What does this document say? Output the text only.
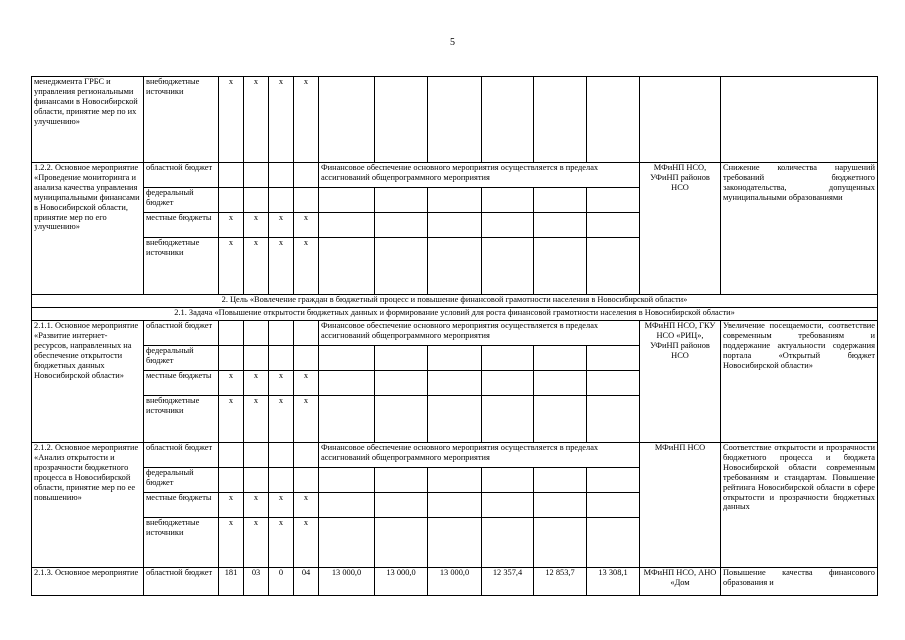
5
менеджмента ГРБС и управления региональными финансами в Новосибирской области, принятие мер по их улучшению»	внебюджетные источники	x	x	x	x								
1.2.2. Основное мероприятие «Проведение мониторинга и анализа качества управления муниципальными финансами в Новосибирской области, принятие мер по его улучшению»	областной бюджет					Финансовое обеспечение основного мероприятия осуществляется в пределах ассигнований общепрограммного мероприятия						МФиНП НСО, УФиНП районов НСО	Снижение количества нарушений требований бюджетного законодательства, допущенных муниципальными образованиями
	федеральный бюджет												
	местные бюджеты	x	x	x	x								
	внебюджетные источники	x	x	x	x								
2. Цель «Вовлечение граждан в бюджетный процесс и повышение финансовой грамотности населения в Новосибирской области»													
2.1. Задача «Повышение открытости бюджетных данных и формирование условий для роста финансовой грамотности населения в Новосибирской области»													
2.1.1. Основное мероприятие «Развитие интернет-ресурсов, направленных на обеспечение открытости бюджетных данных Новосибирской области»	областной бюджет					Финансовое обеспечение основного мероприятия осуществляется в пределах ассигнований общепрограммного мероприятия						МФиНП НСО, ГКУ НСО «РИЦ», УФиНП районов НСО	Увеличение посещаемости, соответствие современным требованиям и поддержание актуальности содержания портала «Открытый бюджет Новосибирской области»
	федеральный бюджет												
	местные бюджеты	x	x	x	x								
	внебюджетные источники	x	x	x	x								
2.1.2. Основное мероприятие «Анализ открытости и прозрачности бюджетного процесса в Новосибирской области, принятие мер по ее повышению»	областной бюджет					Финансовое обеспечение основного мероприятия осуществляется в пределах ассигнований общепрограммного мероприятия						МФиНП НСО	Соответствие открытости и прозрачности бюджетного процесса и бюджета Новосибирской области современным требованиям и стандартам. Повышение рейтинга Новосибирской области в сфере открытости и прозрачности бюджетных данных
	федеральный бюджет												
	местные бюджеты	x	x	x	x								
	внебюджетные источники	x	x	x	x								
2.1.3. Основное мероприятие	областной бюджет	181	03	0	04	13 000,0	13 000,0	13 000,0	12 357,4	12 853,7	13 308,1	МФиНП НСО, АНО «Дом	Повышение качества финансового образования и
